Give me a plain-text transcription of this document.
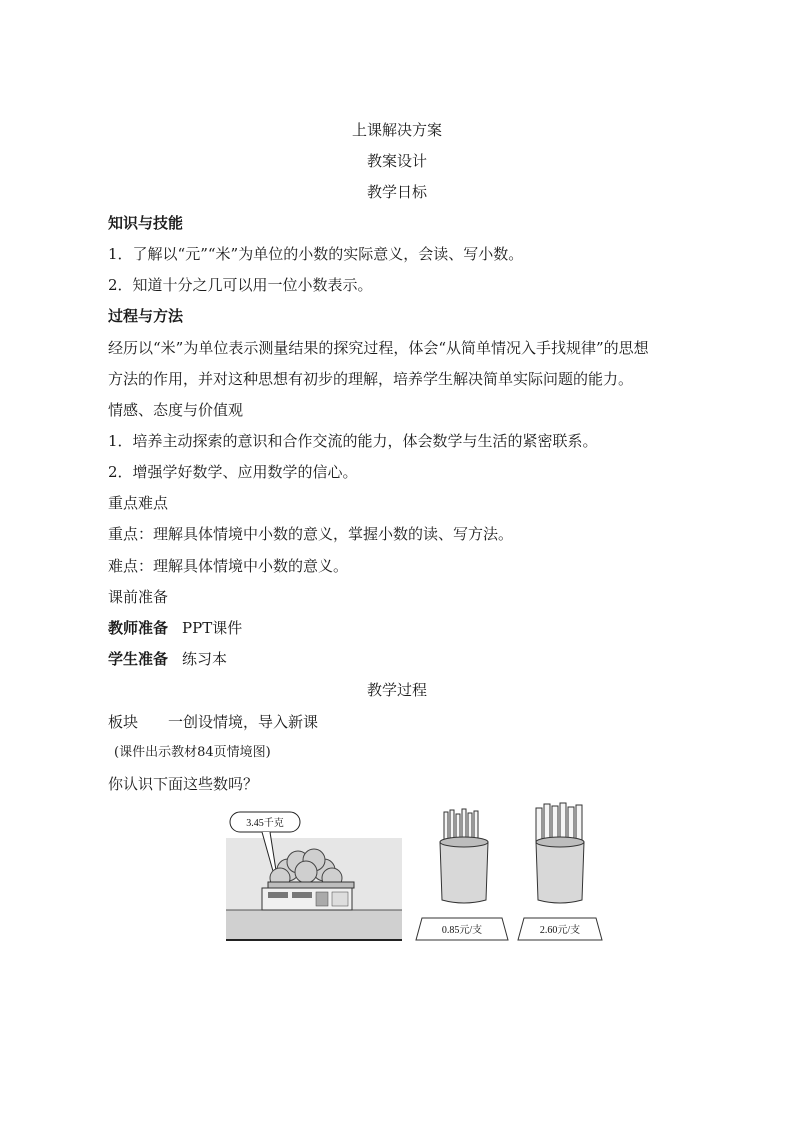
上课解决方案
教案设计
教学日标
知识与技能
1．了解以“元”“米”为单位的小数的实际意义，会读、写小数。
2．知道十分之几可以用一位小数表示。
过程与方法
经历以“米”为单位表示测量结果的探究过程，体会“从简单情况入手找规律”的思想
方法的作用，并对这种思想有初步的理解，培养学生解决简单实际问题的能力。
情感、态度与价值观
1．培养主动探索的意识和合作交流的能力，体会数学与生活的紧密联系。
2．增强学好数学、应用数学的信心。
重点难点
重点：理解具体情境中小数的意义，掌握小数的读、写方法。
难点：理解具体情境中小数的意义。
课前准备
教师准备 PPT课件
学生准备 练习本
教学过程
板块 一创设情境，导入新课
(课件出示教材84页情境图)
你认识下面这些数吗？
3.45千克
0.85元/支	2.60元/支
